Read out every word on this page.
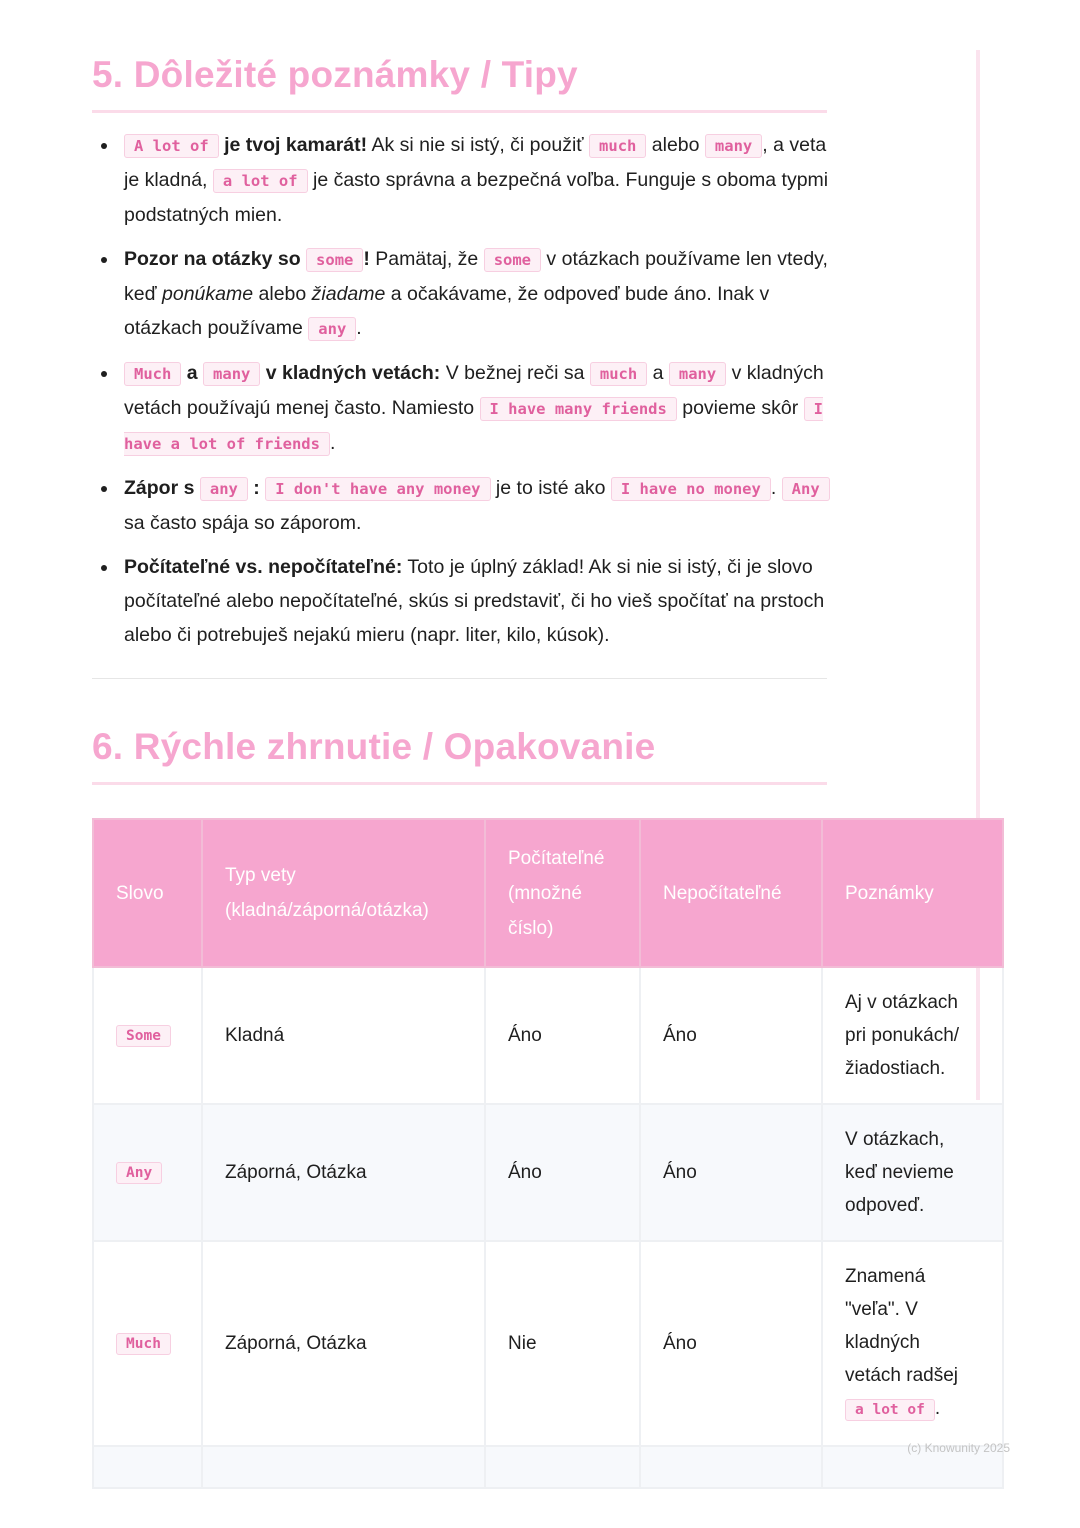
5. Dôležité poznámky / Tipy
A lot of je tvoj kamarát! Ak si nie si istý, či použiť much alebo many , a veta je kladná, a lot of je často správna a bezpečná voľba. Funguje s oboma typmi podstatných mien.
Pozor na otázky so some ! Pamätaj, že some v otázkach používame len vtedy, keď ponúkame alebo žiadame a očakávame, že odpoveď bude áno. Inak v otázkach používame any .
Much a many v kladných vetách: V bežnej reči sa much a many v kladných vetách používajú menej často. Namiesto I have many friends povieme skôr I have a lot of friends .
Zápor s any : I don't have any money je to isté ako I have no money . Any sa často spája so záporom.
Počítateľné vs. nepočítateľné: Toto je úplný základ! Ak si nie si istý, či je slovo počítateľné alebo nepočítateľné, skús si predstaviť, či ho vieš spočítať na prstoch alebo či potrebuješ nejakú mieru (napr. liter, kilo, kúsok).
6. Rýchle zhrnutie / Opakovanie
Slovo	Typ vety (kladná/záporná/otázka)	Počítateľné (množné číslo)	Nepočítateľné	Poznámky
Some	Kladná	Áno	Áno	Aj v otázkach pri ponukách/ žiadostiach.
Any	Záporná, Otázka	Áno	Áno	V otázkach, keď nevieme odpoveď.
Much	Záporná, Otázka	Nie	Áno	Znamená "veľa". V kladných vetách radšej a lot of .

(c) Knowunity 2025
